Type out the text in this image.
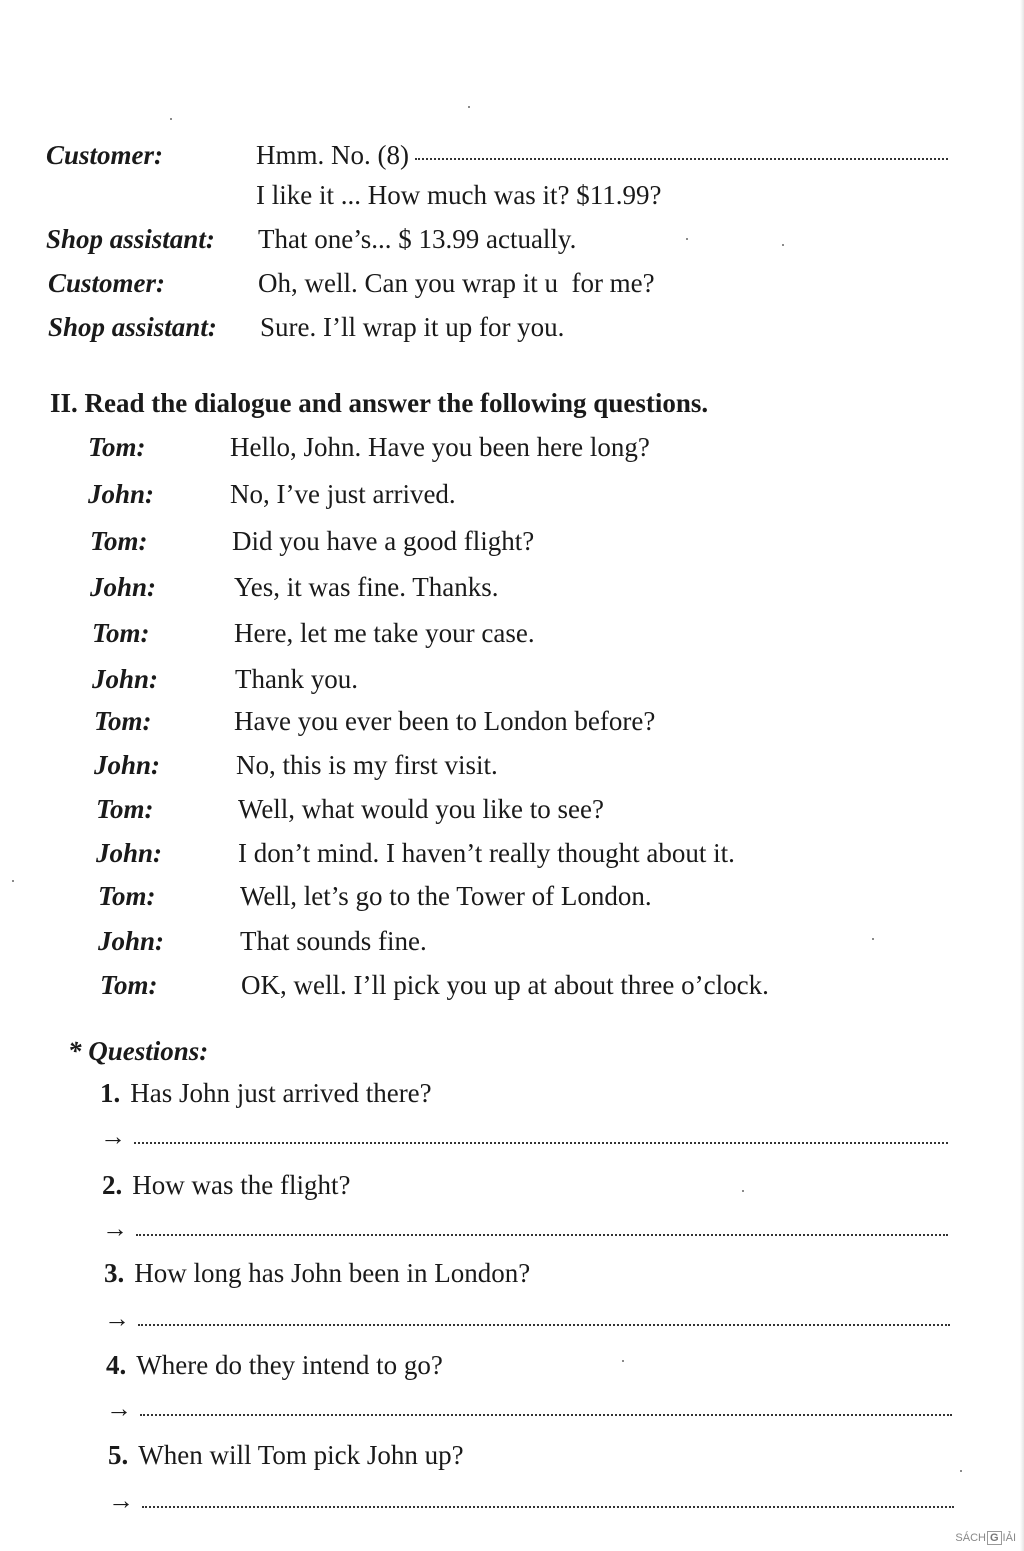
Customer:	Hmm. No. (8)
I like it ... How much was it? $11.99?
Shop assistant:	That one’s... $ 13.99 actually.
Customer:	Oh, well. Can you wrap it u  for me?
Shop assistant:	Sure. I’ll wrap it up for you.
II. Read the dialogue and answer the following questions.
Tom:	Hello, John. Have you been here long?
John:	No, I’ve just arrived.
Tom:	Did you have a good flight?
John:	Yes, it was fine. Thanks.
Tom:	Here, let me take your case.
John:	Thank you.
Tom:	Have you ever been to London before?
John:	No, this is my first visit.
Tom:	Well, what would you like to see?
John:	I don’t mind. I haven’t really thought about it.
Tom:	Well, let’s go to the Tower of London.
John:	That sounds fine.
Tom:	OK, well. I’ll pick you up at about three o’clock.
* Questions:
1. Has John just arrived there?
→
2. How was the flight?
→
3. How long has John been in London?
→
4. Where do they intend to go?
→
5. When will Tom pick John up?
→
SÁCH G IẢI
